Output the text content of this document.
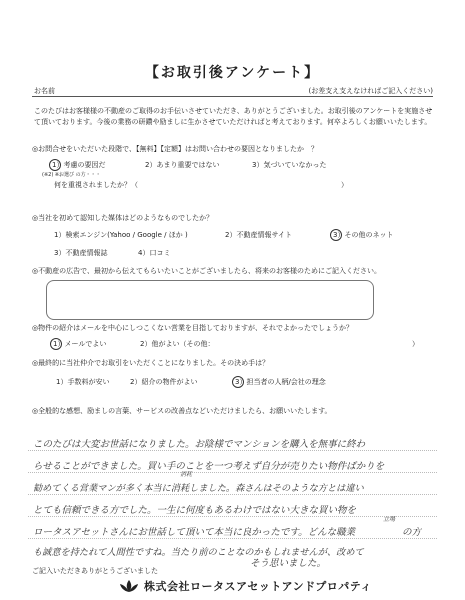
【お取引後アンケート】
お名前	(お差支え支えなければご記入ください)
このたびはお客様様の不動産のご取得のお手伝いさせていただき、ありがとうございました。お取引後のアンケートを実施させて頂いております。今後の業務の研鑽や励ましに生かさせていただければと考えております。何卒よろしくお願いいたします。
◎お問合せをいただいた段階で、【無料】【定額】はお問い合わせの要因となりましたか　？
1）考慮の要因だ	2）あまり重要ではない	3）気づいていなかった
(※2) ※お選び の方・・・
何を重視されましたか？（　　　　　　　　　　　　　　　　　　　　　　　　　　　　　）
◎当社を初めて認知した媒体はどのようなものでしたか？
1）検索エンジン(Yahoo / Google / ほか )	2）不動産情報サイト	3）その他のネット
3）不動産情報誌	4）口コミ
◎不動産の広告で、最初から伝えてもらいたいことがございましたら、将来のお客様のためにご記入ください。
◎物件の紹介はメールを中心にしつこくない営業を目指しておりますが、それでよかったでしょうか？
1）メールでよい	2）他がよい（その他：	）
◎最終的に当社仲介でお取引をいただくことになりました。その決め手は？
1）手数料が安い	2）紹介の物件がよい	3）担当者の人柄/会社の理念
◎全般的な感想、励ましの言葉、サービスの改善点などいただけましたら、お願いいたします。
このたびは大変お世話になりました。お陰様でマンションを購入を無事に終わ
らせることができました。買い手のことを一つ考えず自分が売りたい物件ばかりを
勧めてくる営業マンが多く本当に消耗しました。森さんはそのような方とは違い
消耗
とても信頼できる方でした。一生に何度もあるわけではない大きな買い物を
ロータスアセットさんにお世話して頂いて本当に良かったです。どんな職業
立場
の方
も誠意を持たれて人間性ですね。当たり前のことなのかもしれませんが、改めて
そう思いました。
ご記入いただきありがとうございました
株式会社ロータスアセットアンドプロパティ
